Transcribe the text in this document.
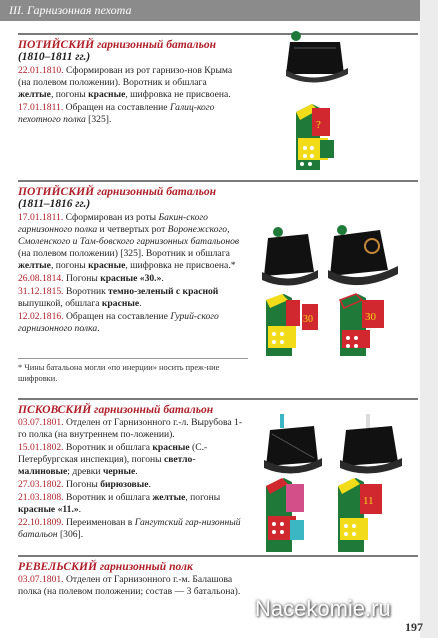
III. Гарнизонная пехота
ПОТИЙСКИЙ гарнизонный батальон
(1810–1811 гг.)
22.01.1810. Сформирован из рот гарнизо-нов Крыма (на полевом положении). Воротник и обшлага желтые, погоны красные, шифровка не присвоена.
17.01.1811. Обращен на составление Галиц-кого пехотного полка [325].
ПОТИЙСКИЙ гарнизонный батальон
(1811–1816 гг.)
17.01.1811. Сформирован из роты Бакин-ского гарнизонного полка и четвертых рот Воронежского, Смоленского и Там-бовского гарнизонных батальонов (на полевом положении) [325]. Воротник и обшлага желтые, погоны красные, шифровка не присвоена.*
26.08.1814. Погоны красные «30.».
31.12.1815. Воротник темно-зеленый с красной выпушкой, обшлага красные.
12.02.1816. Обращен на составление Гурий-ского гарнизонного полка.
* Чины батальона могли «по инерции» носить преж-ние шифровки.
ПСКОВСКИЙ гарнизонный батальон
03.07.1801. Отделен от Гарнизонного г.-л. Вырубова 1-го полка (на внутреннем по-ложении).
15.01.1802. Воротник и обшлага красные (С.-Петербургская инспекция), погоны светло-малиновые; древки черные.
27.03.1802. Погоны бирюзовые.
21.03.1808. Воротник и обшлага желтые, погоны красные «11.».
22.10.1809. Переименован в Гангутский гар-низонный батальон [306].
РЕВЕЛЬСКИЙ гарнизонный полк
03.07.1801. Отделен от Гарнизонного г.-м. Балашова полка (на полевом положении; состав — 3 батальона).
?
30	30
11
Nacekomie.ru
197
